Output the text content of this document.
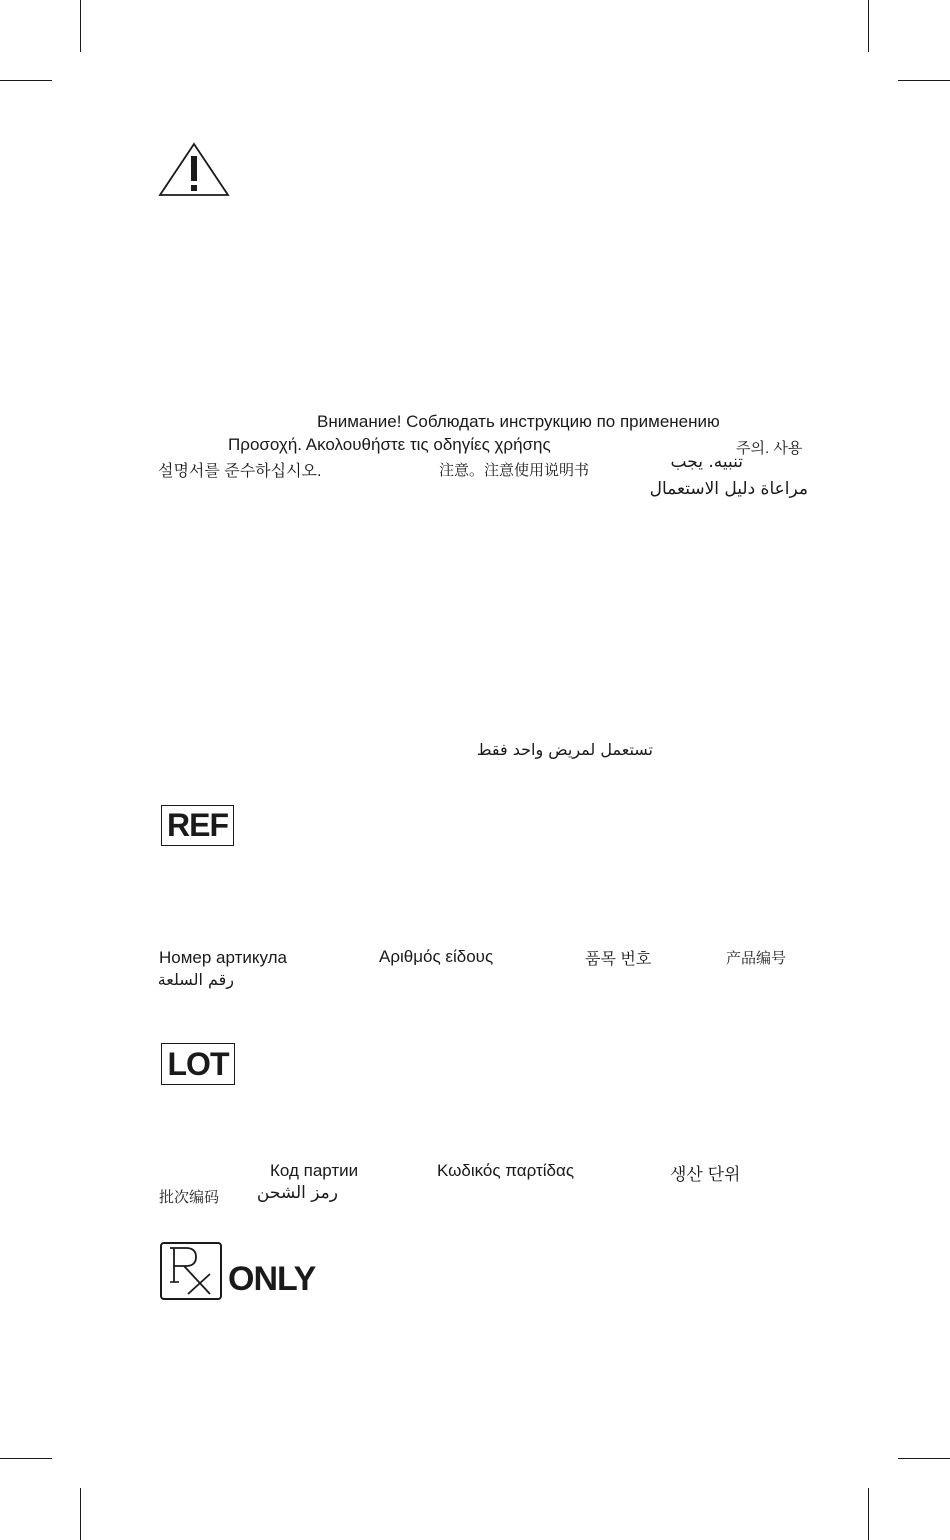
Внимание! Соблюдать инструкцию по применению
Προσοχή. Ακολουθήστε τις οδηγίες χρήσης	주의. 사용
설명서를 준수하십시오.	注意。注意使用说明书	تنبيه. يجب
مراعاة دليل الاستعمال
تستعمل لمريض واحد فقط
REF
Номер артикула	Αριθμός είδους	품목 번호	产品编号
رقم السلعة
LOT
Код партии	Κωδικός παρτίδας	생산 단위
批次编码 رمز الشحن
ONLY
